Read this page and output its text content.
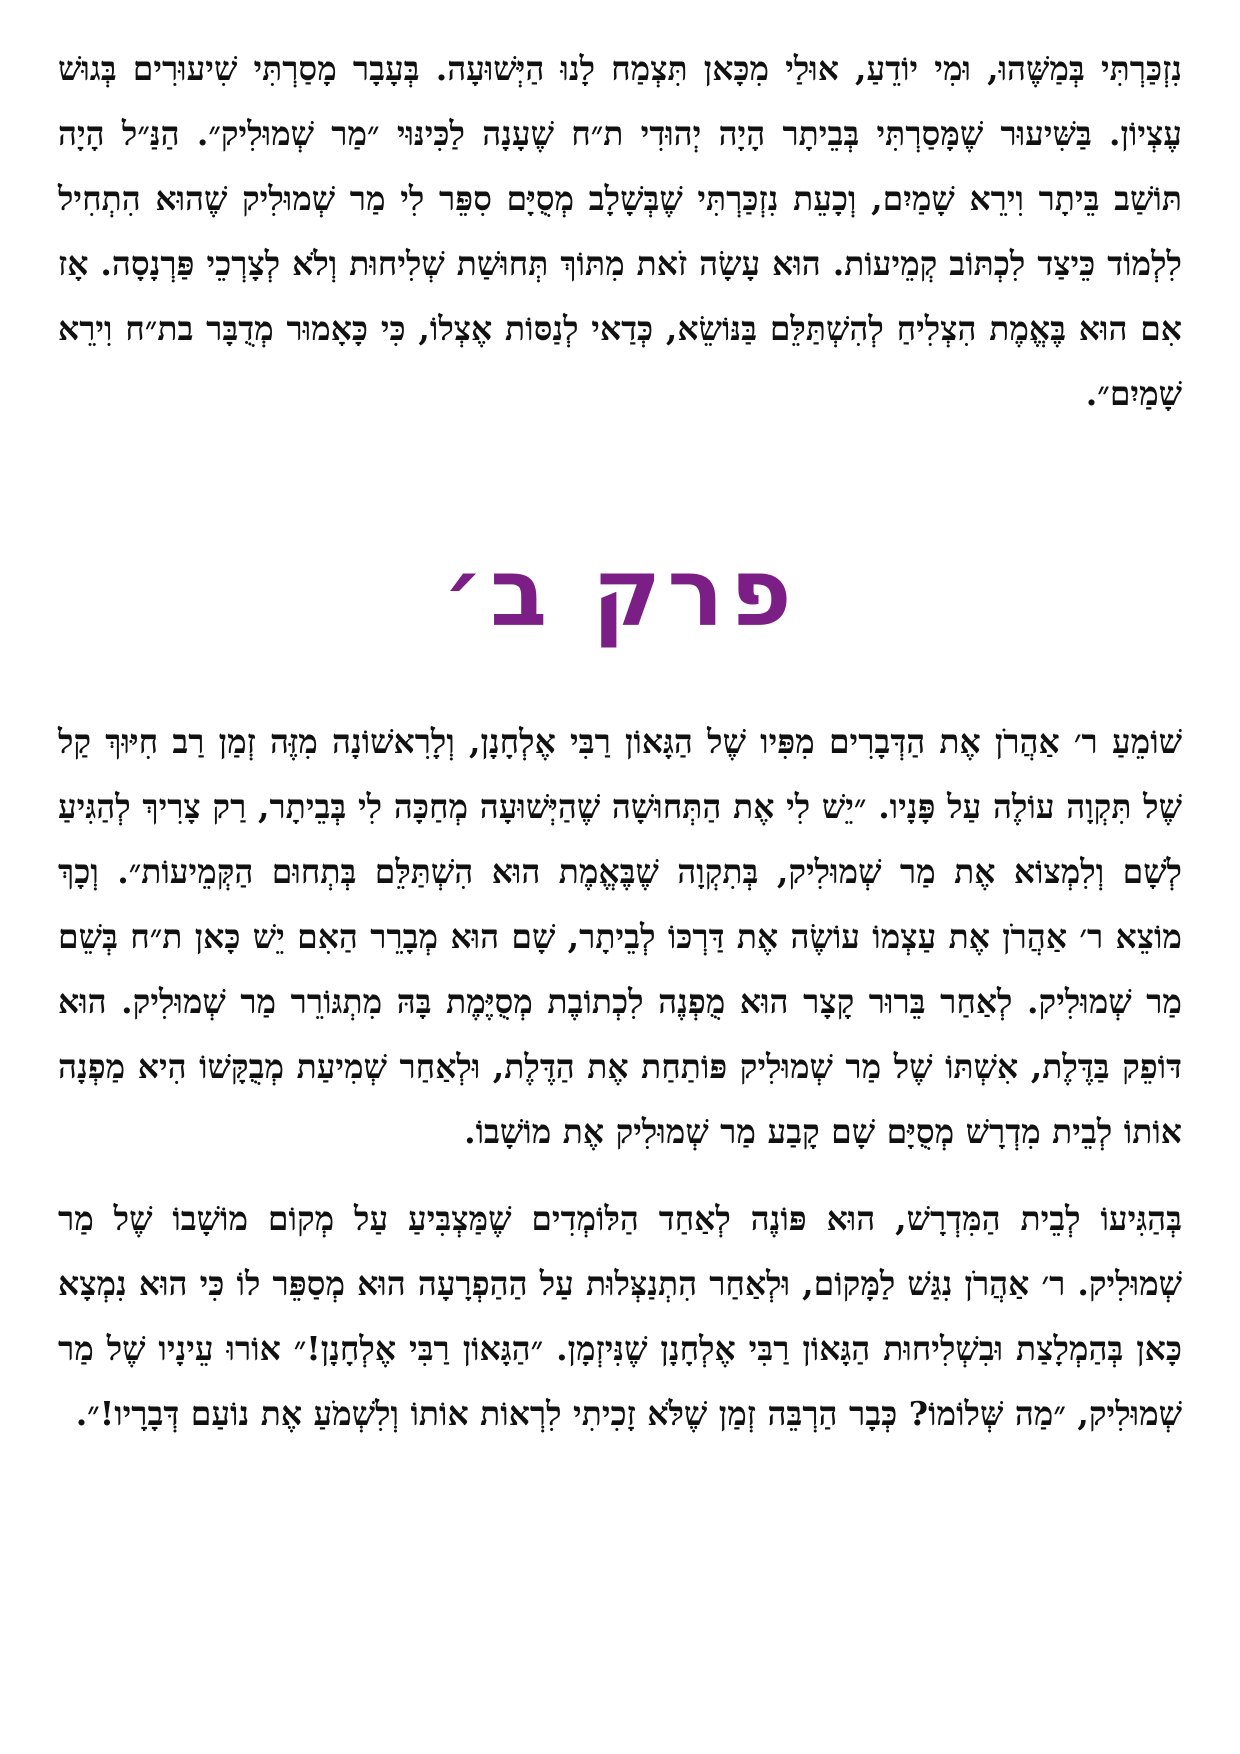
נִזְכַּרְתִּי בְּמַשֶּׁהוּ, וּמִי יוֹדֵעַ, אוּלַי מִכָּאן תִּצְמַח לָנוּ הַיְּשׁוּעָה. בְּעָבָר מָסַרְתִּי שִׁיעוּרִים בְּגוּשׁ עֶצְיוֹן. בַּשִּׁיעוּר שֶׁמָּסַרְתִּי בְּבֵיתָר הָיָה יְהוּדִי ת״ח שֶׁעָנָה לַכִּינּוּי ״מַר שְׁמוּלִיק״. הַנַּ״ל הָיָה תּוֹשַׁב בֵּיתָר וִירֵא שָׁמַיִם, וְכָעֵת נִזְכַּרְתִּי שֶׁבְּשָׁלָב מְסֻיָּם סִפֵּר לִי מַר שְׁמוּלִיק שֶׁהוּא הִתְחִיל לִלְמוֹד כֵּיצַד לִכְתּוֹב קְמֵיעוֹת. הוּא עָשָׂה זֹאת מִתּוֹךְ תְּחוּשַׁת שְׁלִיחוּת וְלֹא לְצָרְכֵי פַּרְנָסָה. אָז אִם הוּא בֶּאֱמֶת הִצְלִיחַ לְהִשְׁתַּלֵּם בַּנּוֹשֵׂא, כְּדַאי לְנַסּוֹת אֶצְלוֹ, כִּי כָּאָמוּר מְדֻבָּר בת״ח וִירֵא שָׁמַיִם״.

פרק ב׳

שׁוֹמֵעַ ר׳ אַהֲרֹן אֶת הַדְּבָרִים מִפִּיו שֶׁל הַגָּאוֹן רַבִּי אֶלְחָנָן, וְלָרִאשׁוֹנָה מִזֶּה זְמַן רַב חִיּוּךְ קַל שֶׁל תִּקְוָה עוֹלֶה עַל פָּנָיו. ״יֵשׁ לִי אֶת הַתְּחוּשָׁה שֶׁהַיְּשׁוּעָה מְחַכָּה לִי בְּבֵיתָר, רַק צָרִיךְ לְהַגִּיעַ לְשָׁם וְלִמְצוֹא אֶת מַר שְׁמוּלִיק, בְּתִקְוָה שֶׁבֶּאֱמֶת הוּא הִשְׁתַּלֵּם בְּתְחוּם הַקְּמֵיעוֹת״. וְכָךְ מוֹצֵא ר׳ אַהֲרֹן אֶת עַצְמוֹ עוֹשֶׂה אֶת דַּרְכּוֹ לְבֵיתָר, שָׁם הוּא מְבָרֵר הַאִם יֵשׁ כָּאן ת״ח בְּשֵׁם מַר שְׁמוּלִיק. לְאַחַר בֵּרוּר קָצָר הוּא מֻפְנֶה לִכְתוֹבֶת מְסֻיֶּמֶת בָּהּ מִתְגּוֹרֵר מַר שְׁמוּלִיק. הוּא דּוֹפֵק בַּדֶּלֶת, אִשְׁתּוֹ שֶׁל מַר שְׁמוּלִיק פּוֹתַחַת אֶת הַדֶּלֶת, וּלְאַחַר שְׁמִיעַת מְבֻקָּשׁוֹ הִיא מַפְנָה אוֹתוֹ לְבֵית מִדְרָשׁ מְסֻיָּם שָׁם קָבַע מַר שְׁמוּלִיק אֶת מוֹשָׁבוֹ.

בְּהַגִּיעוֹ לְבֵית הַמִּדְרָשׁ, הוּא פּוֹנֶה לְאַחַד הַלּוֹמְדִים שֶׁמַּצְבִּיעַ עַל מְקוֹם מוֹשָׁבוֹ שֶׁל מַר שְׁמוּלִיק. ר׳ אַהֲרֹן נִגַּשׁ לַמָּקוֹם, וּלְאַחַר הִתְנַצְּלוּת עַל הַהַפְרָעָה הוּא מְסַפֵּר לוֹ כִּי הוּא נִמְצָא כָּאן בְּהַמְלָצַת וּבִשְׁלִיחוּת הַגָּאוֹן רַבִּי אֶלְחָנָן שֶׁנִּיזְמָן. ״הַגָּאוֹן רַבִּי אֶלְחָנָן!״ אוֹרוּ עֵינָיו שֶׁל מַר שְׁמוּלִיק, ״מַה שְּׁלוֹמוֹ? כְּבָר הַרְבֵּה זְמַן שֶׁלֹּא זָכִיתִי לִרְאוֹת אוֹתוֹ וְלִשְׁמֹעַ אֶת נוֹעַם דְּבָרָיו!״.
